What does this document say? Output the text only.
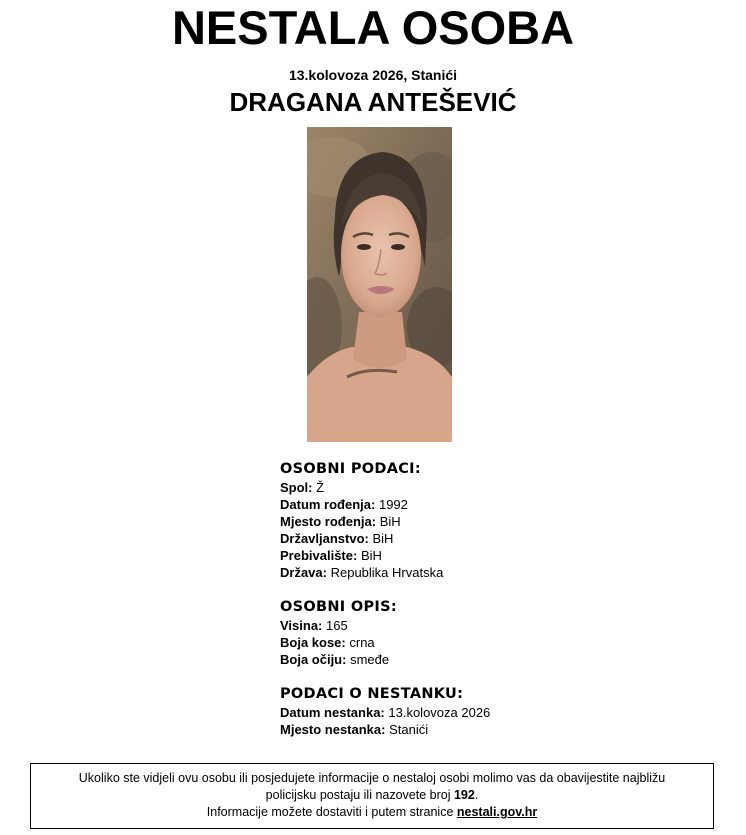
NESTALA OSOBA
13.kolovoza 2026, Stanići
DRAGANA ANTEŠEVIĆ
OSOBNI PODACI:
Spol: Ž
Datum rođenja: 1992
Mjesto rođenja: BiH
Državljanstvo: BiH
Prebivalište: BiH
Država: Republika Hrvatska
OSOBNI OPIS:
Visina: 165
Boja kose: crna
Boja očiju: smeđe
PODACI O NESTANKU:
Datum nestanka: 13.kolovoza 2026
Mjesto nestanka: Stanići
Ukoliko ste vidjeli ovu osobu ili posjedujete informacije o nestaloj osobi molimo vas da obavijestite najbližu
policijsku postaju ili nazovete broj 192.
Informacije možete dostaviti i putem stranice nestali.gov.hr
